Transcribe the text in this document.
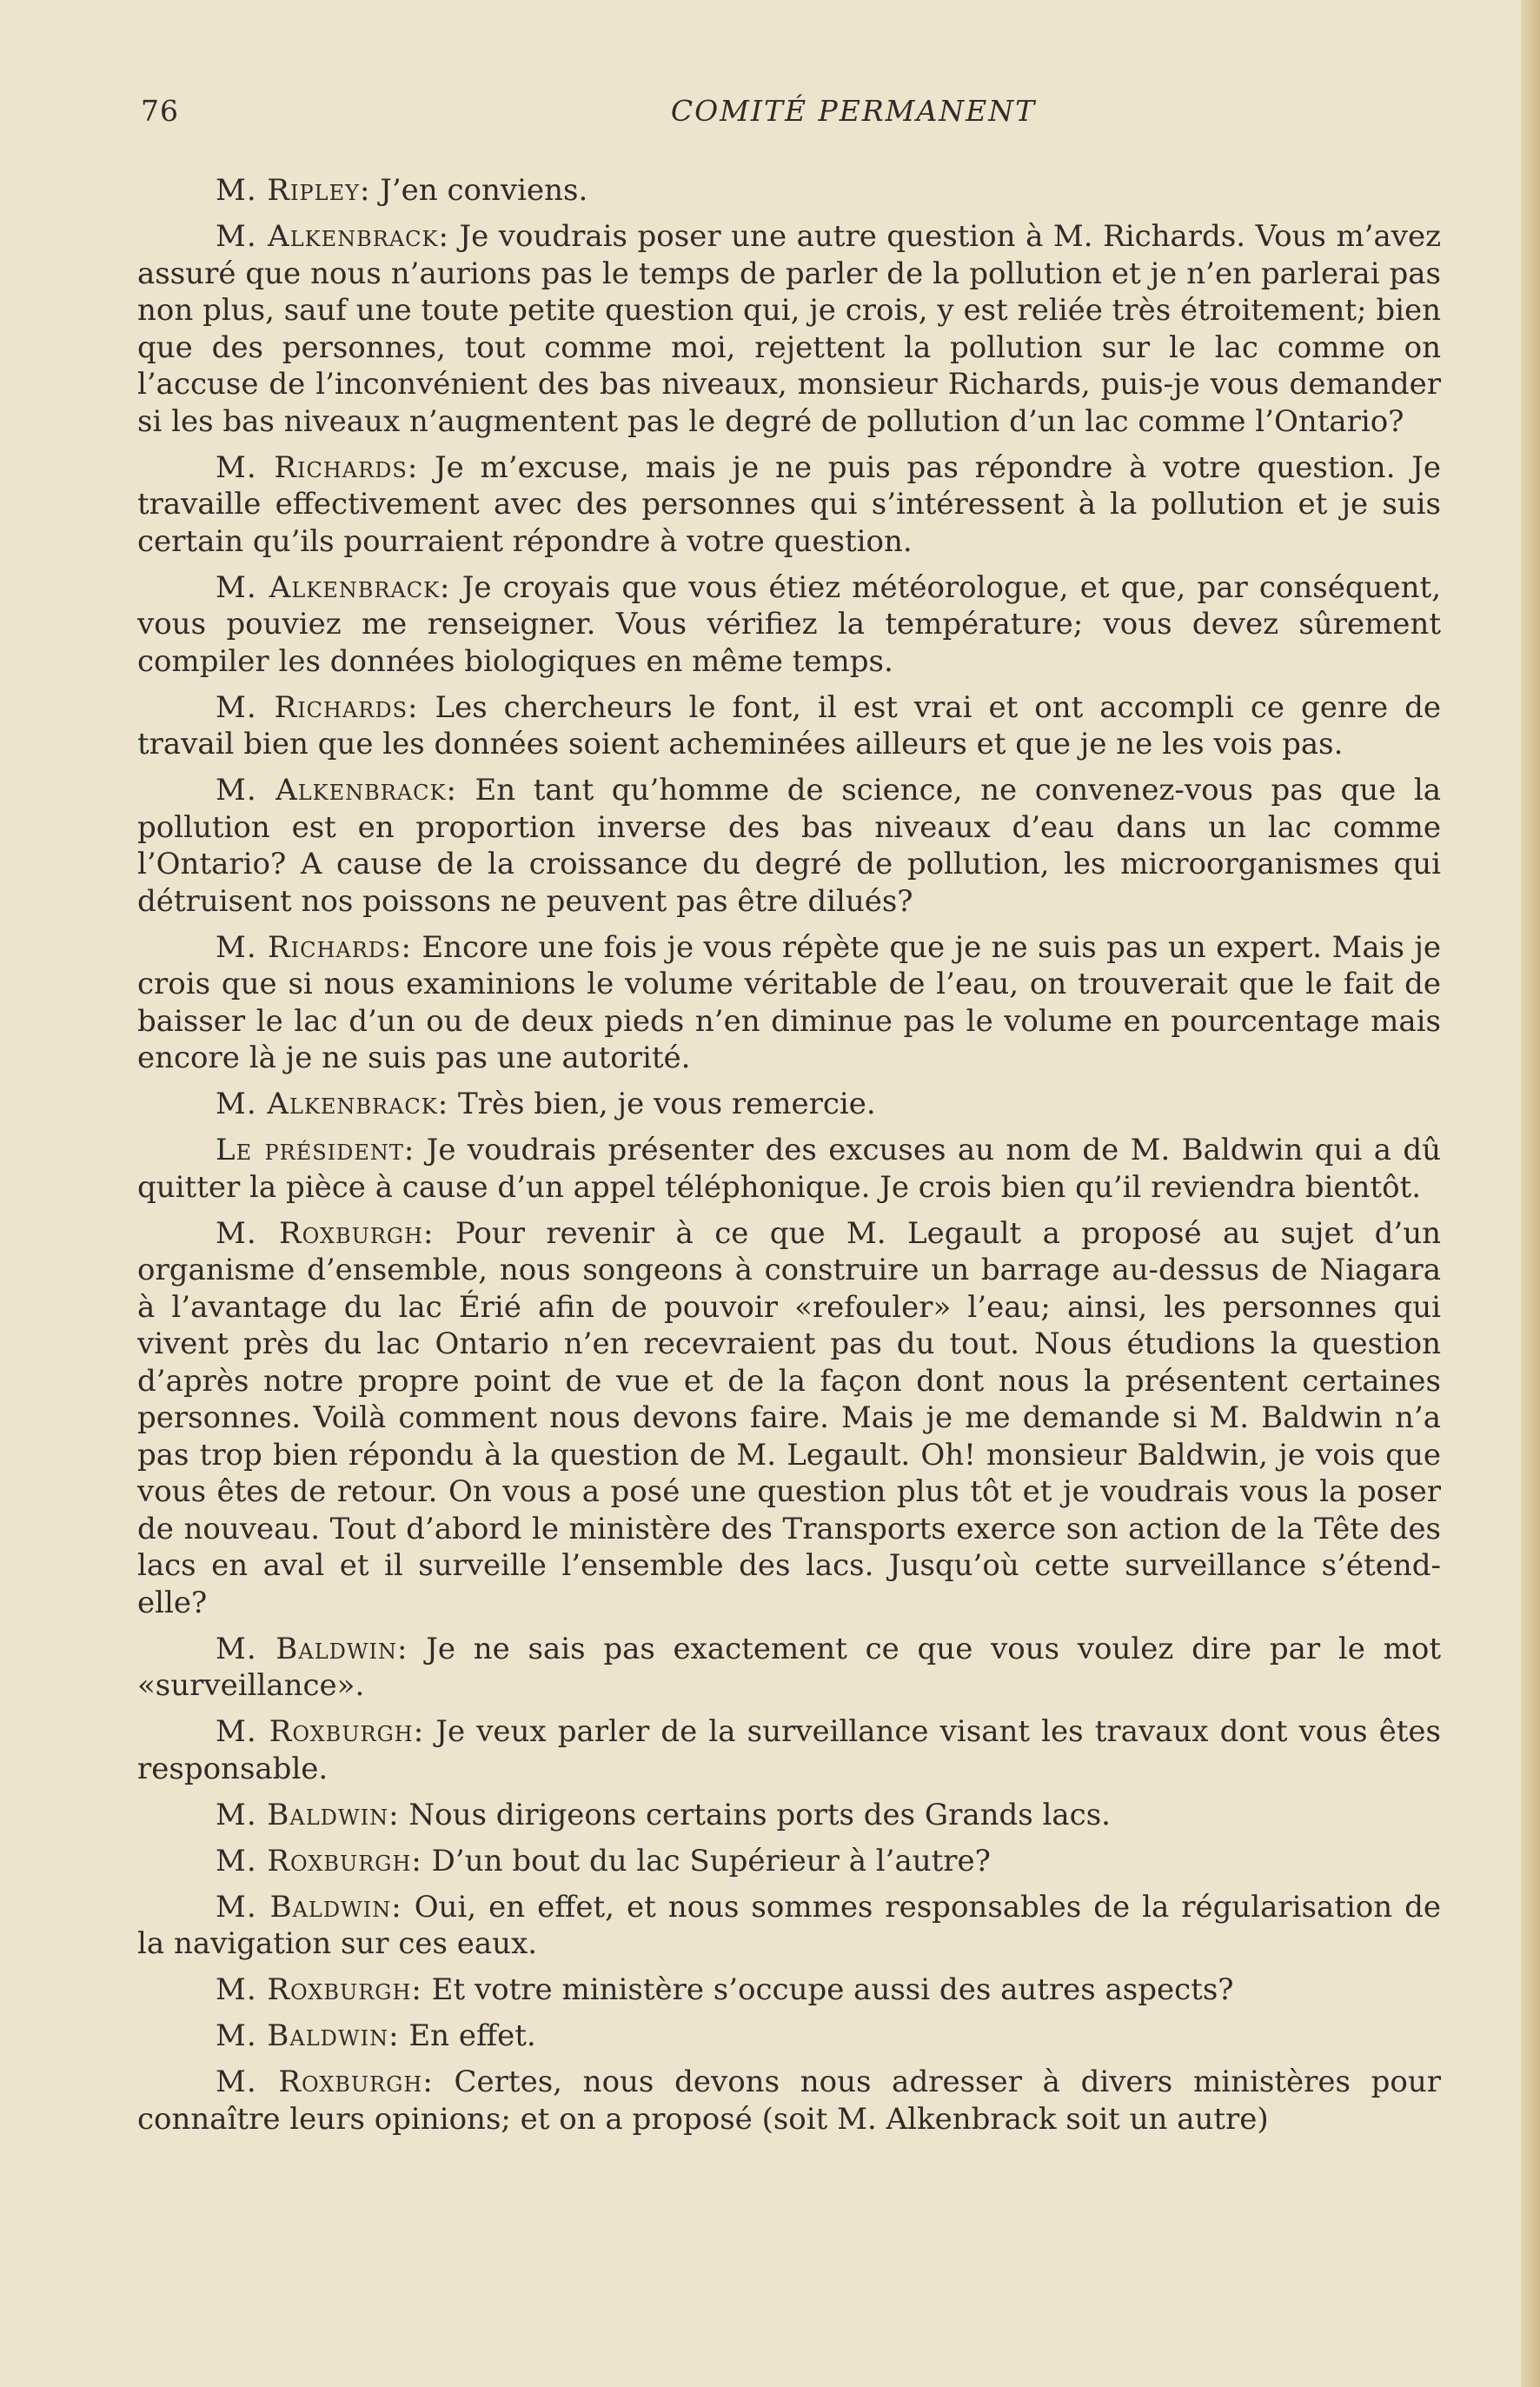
76	COMITÉ PERMANENT

M. Ripley: J’en conviens.

M. Alkenbrack: Je voudrais poser une autre question à M. Richards. Vous m’avez assuré que nous n’aurions pas le temps de parler de la pollution et je n’en parlerai pas non plus, sauf une toute petite question qui, je crois, y est reliée très étroitement; bien que des personnes, tout comme moi, rejettent la pollution sur le lac comme on l’accuse de l’inconvénient des bas niveaux, monsieur Richards, puis-je vous demander si les bas niveaux n’augmentent pas le degré de pollution d’un lac comme l’Ontario?

M. Richards: Je m’excuse, mais je ne puis pas répondre à votre question. Je travaille effectivement avec des personnes qui s’intéressent à la pollution et je suis certain qu’ils pourraient répondre à votre question.

M. Alkenbrack: Je croyais que vous étiez météorologue, et que, par conséquent, vous pouviez me renseigner. Vous vérifiez la température; vous devez sûrement compiler les données biologiques en même temps.

M. Richards: Les chercheurs le font, il est vrai et ont accompli ce genre de travail bien que les données soient acheminées ailleurs et que je ne les vois pas.

M. Alkenbrack: En tant qu’homme de science, ne convenez-vous pas que la pollution est en proportion inverse des bas niveaux d’eau dans un lac comme l’Ontario? A cause de la croissance du degré de pollution, les microorganismes qui détruisent nos poissons ne peuvent pas être dilués?

M. Richards: Encore une fois je vous répète que je ne suis pas un expert. Mais je crois que si nous examinions le volume véritable de l’eau, on trouverait que le fait de baisser le lac d’un ou de deux pieds n’en diminue pas le volume en pourcentage mais encore là je ne suis pas une autorité.

M. Alkenbrack: Très bien, je vous remercie.

Le président: Je voudrais présenter des excuses au nom de M. Baldwin qui a dû quitter la pièce à cause d’un appel téléphonique. Je crois bien qu’il reviendra bientôt.

M. Roxburgh: Pour revenir à ce que M. Legault a proposé au sujet d’un organisme d’ensemble, nous songeons à construire un barrage au-dessus de Niagara à l’avantage du lac Érié afin de pouvoir «refouler» l’eau; ainsi, les personnes qui vivent près du lac Ontario n’en recevraient pas du tout. Nous étudions la question d’après notre propre point de vue et de la façon dont nous la présentent certaines personnes. Voilà comment nous devons faire. Mais je me demande si M. Baldwin n’a pas trop bien répondu à la question de M. Legault. Oh! monsieur Baldwin, je vois que vous êtes de retour. On vous a posé une question plus tôt et je voudrais vous la poser de nouveau. Tout d’abord le ministère des Transports exerce son action de la Tête des lacs en aval et il surveille l’ensemble des lacs. Jusqu’où cette surveillance s’étend-elle?

M. Baldwin: Je ne sais pas exactement ce que vous voulez dire par le mot «surveillance».

M. Roxburgh: Je veux parler de la surveillance visant les travaux dont vous êtes responsable.

M. Baldwin: Nous dirigeons certains ports des Grands lacs.

M. Roxburgh: D’un bout du lac Supérieur à l’autre?

M. Baldwin: Oui, en effet, et nous sommes responsables de la régularisation de la navigation sur ces eaux.

M. Roxburgh: Et votre ministère s’occupe aussi des autres aspects?

M. Baldwin: En effet.

M. Roxburgh: Certes, nous devons nous adresser à divers ministères pour connaître leurs opinions; et on a proposé (soit M. Alkenbrack soit un autre)
